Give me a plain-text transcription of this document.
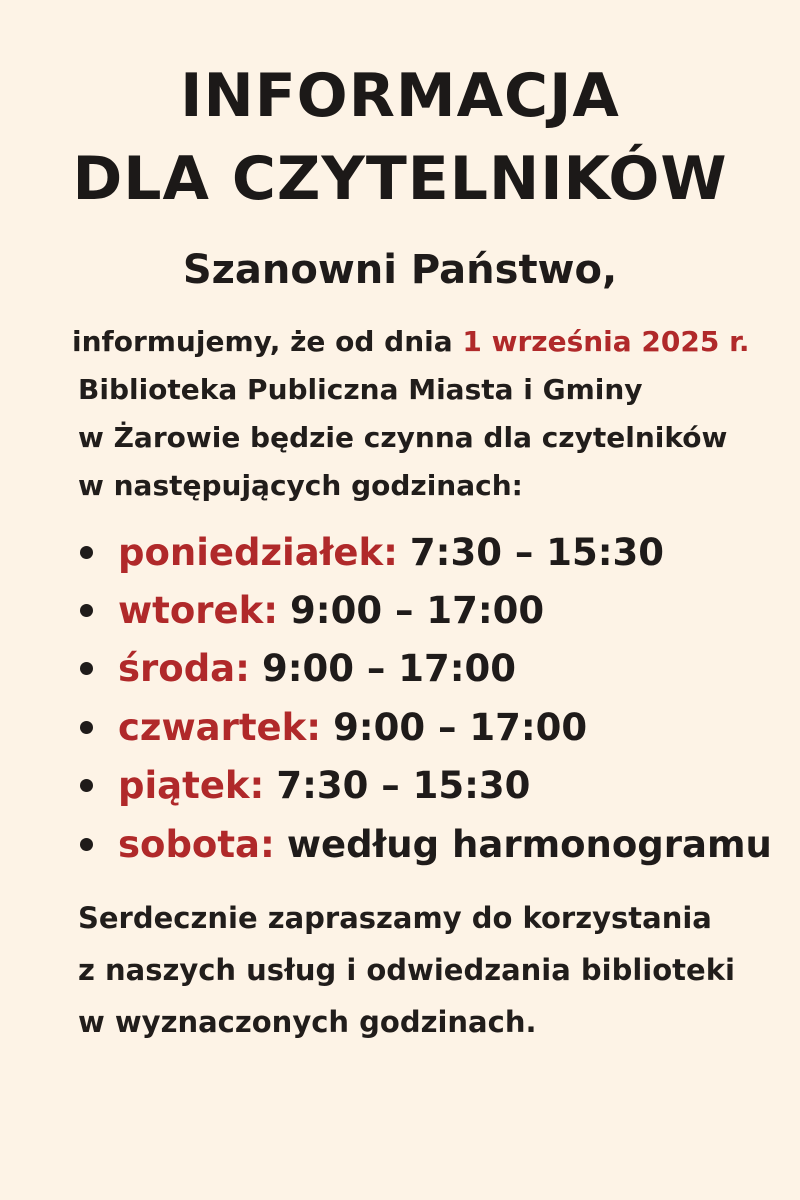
INFORMACJA
DLA CZYTELNIKÓW
Szanowni Państwo,
informujemy, że od dnia 1 września 2025 r.
Biblioteka Publiczna Miasta i Gminy
w Żarowie będzie czynna dla czytelników
w następujących godzinach:
poniedziałek: 7:30 – 15:30
wtorek: 9:00 – 17:00
środa: 9:00 – 17:00
czwartek: 9:00 – 17:00
piątek: 7:30 – 15:30
sobota: według harmonogramu
Serdecznie zapraszamy do korzystania
z naszych usług i odwiedzania biblioteki
w wyznaczonych godzinach.
